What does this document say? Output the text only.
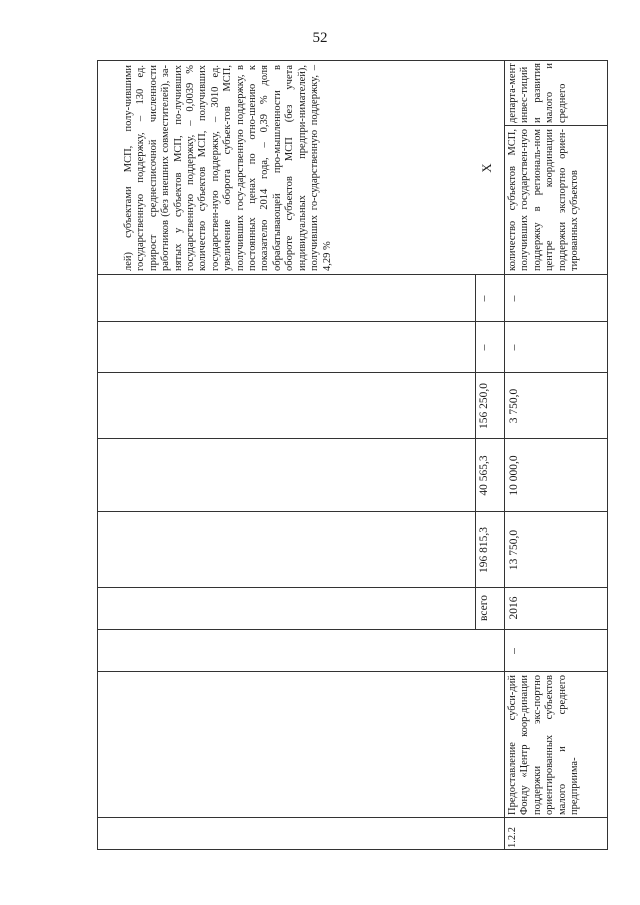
52
всего
196 815,3
40 565,3
156 250,0
–
–
лей) субъектами МСП, полу-чившими государственную поддержку, – 130 ед. прирост среднесписочной численности работников (без внешних совместителей), за-нятых у субъектов МСП, по-лучивших государственную поддержку, – 0,0039 % количество субъектов МСП, получивших государствен-ную поддержку, – 3010 ед. увеличение оборота субъек-тов МСП, получивших госу-дарственную поддержку, в постоянных ценах по отно-шению к показателю 2014 года, – 0,39 % доля обрабатывающей про-мышленности в обороте субъектов МСП (без учета индивидуальных предпри-нимателей), получивших го-сударственную поддержку, – 4,29 %
X
1.2.2
Предоставление субси-дий Фонду «Центр коор-динации поддержки экс-портно ориентированных субъектов малого и среднего предприима-
–
2016
13 750,0
10 000,0
3 750,0
–
–
количество субъектов МСП, получивших государствен-ную поддержку в региональ-ном центре координации поддержки экспортно ориен-тированных субъектов
департа-мент инвес-тиций и развития малого и среднего
